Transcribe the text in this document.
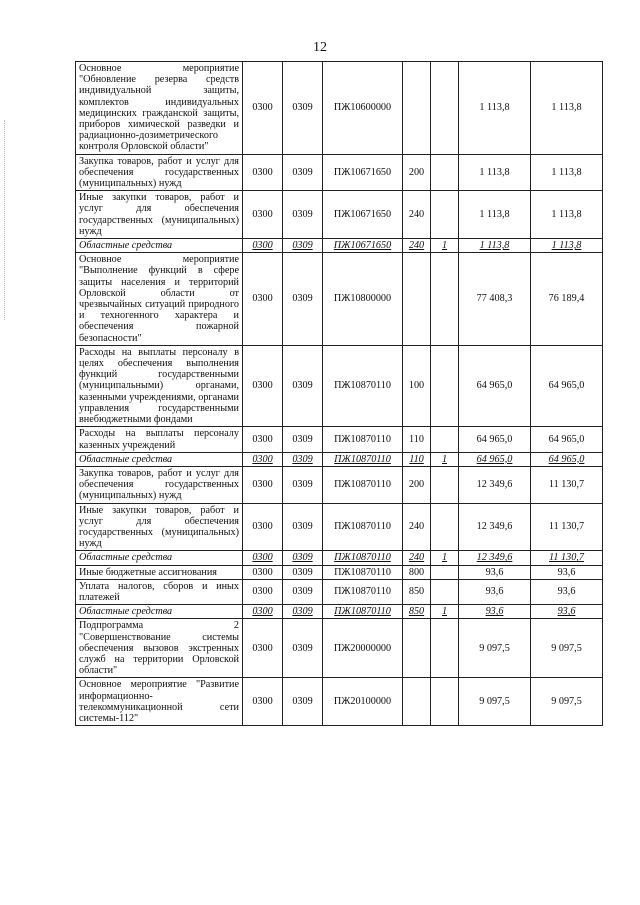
12
Основное мероприятие "Обновление резерва средств индивидуальной защиты, комплектов индивидуальных медицинских гражданской защиты, приборов химической разведки и радиационно-дозиметрического контроля Орловской области"	0300	0309	ПЖ10600000			1 113,8	1 113,8
Закупка товаров, работ и услуг для обеспечения государственных (муниципальных) нужд	0300	0309	ПЖ10671650	200		1 113,8	1 113,8
Иные закупки товаров, работ и услуг для обеспечения государственных (муниципальных) нужд	0300	0309	ПЖ10671650	240		1 113,8	1 113,8
Областные средства	0300	0309	ПЖ10671650	240	1	1 113,8	1 113,8
Основное мероприятие "Выполнение функций в сфере защиты населения и территорий Орловской области от чрезвычайных ситуаций природного и техногенного характера и обеспечения пожарной безопасности"	0300	0309	ПЖ10800000			77 408,3	76 189,4
Расходы на выплаты персоналу в целях обеспечения выполнения функций государственными (муниципальными) органами, казенными учреждениями, органами управления государственными внебюджетными фондами	0300	0309	ПЖ10870110	100		64 965,0	64 965,0
Расходы на выплаты персоналу казенных учреждений	0300	0309	ПЖ10870110	110		64 965,0	64 965,0
Областные средства	0300	0309	ПЖ10870110	110	1	64 965,0	64 965,0
Закупка товаров, работ и услуг для обеспечения государственных (муниципальных) нужд	0300	0309	ПЖ10870110	200		12 349,6	11 130,7
Иные закупки товаров, работ и услуг для обеспечения государственных (муниципальных) нужд	0300	0309	ПЖ10870110	240		12 349,6	11 130,7
Областные средства	0300	0309	ПЖ10870110	240	1	12 349,6	11 130,7
Иные бюджетные ассигнования	0300	0309	ПЖ10870110	800		93,6	93,6
Уплата налогов, сборов и иных платежей	0300	0309	ПЖ10870110	850		93,6	93,6
Областные средства	0300	0309	ПЖ10870110	850	1	93,6	93,6
Подпрограмма 2 "Совершенствование системы обеспечения вызовов экстренных служб на территории Орловской области"	0300	0309	ПЖ20000000			9 097,5	9 097,5
Основное мероприятие "Развитие информационно-телекоммуникационной сети системы-112"	0300	0309	ПЖ20100000			9 097,5	9 097,5
